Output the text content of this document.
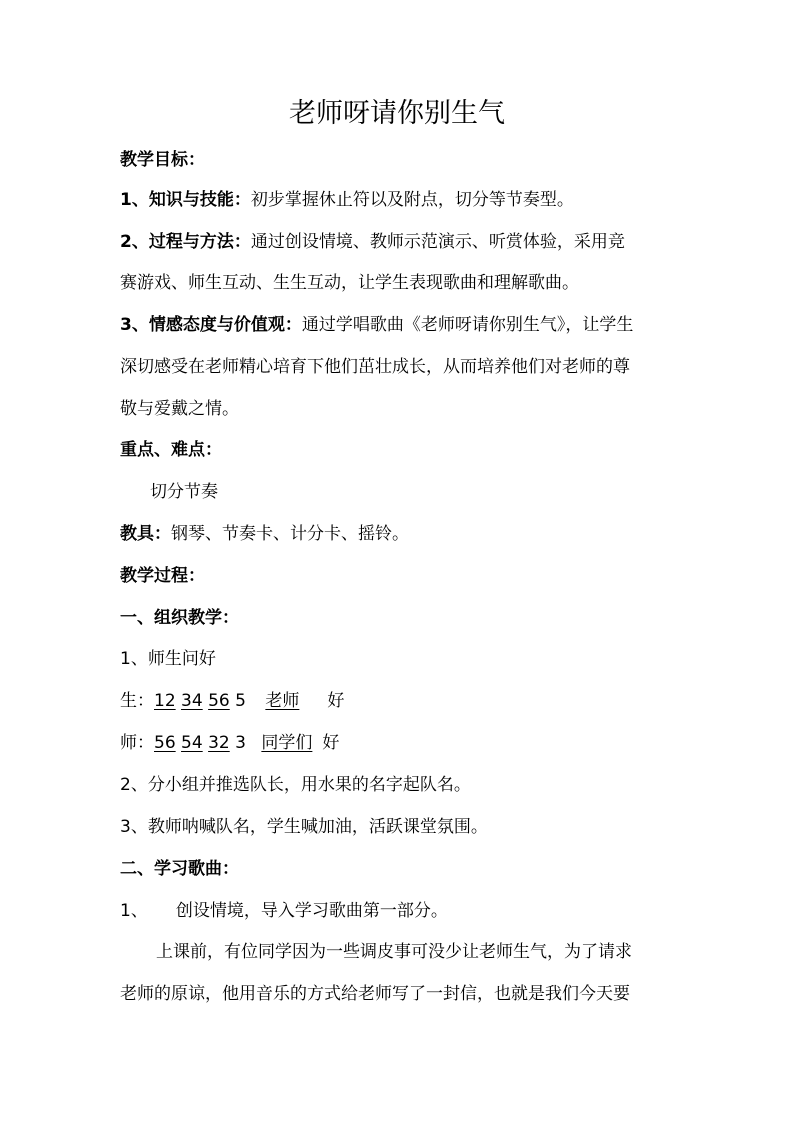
老师呀请你别生气
教学目标：
1、知识与技能：初步掌握休止符以及附点，切分等节奏型。
2、过程与方法：通过创设情境、教师示范演示、听赏体验，采用竞
赛游戏、师生互动、生生互动，让学生表现歌曲和理解歌曲。
3、情感态度与价值观：通过学唱歌曲《老师呀请你别生气》，让学生
深切感受在老师精心培育下他们茁壮成长，从而培养他们对老师的尊
敬与爱戴之情。
重点、难点：
切分节奏
教具：钢琴、节奏卡、计分卡、摇铃。
教学过程：
一、组织教学：
1、师生问好
生：12 34 56 5 老师 好
师：56 54 32 3 同学们 好
2、分小组并推选队长，用水果的名字起队名。
3、教师呐喊队名，学生喊加油，活跃课堂氛围。
二、学习歌曲：
1、 创设情境，导入学习歌曲第一部分。
上课前，有位同学因为一些调皮事可没少让老师生气，为了请求
老师的原谅，他用音乐的方式给老师写了一封信，也就是我们今天要
